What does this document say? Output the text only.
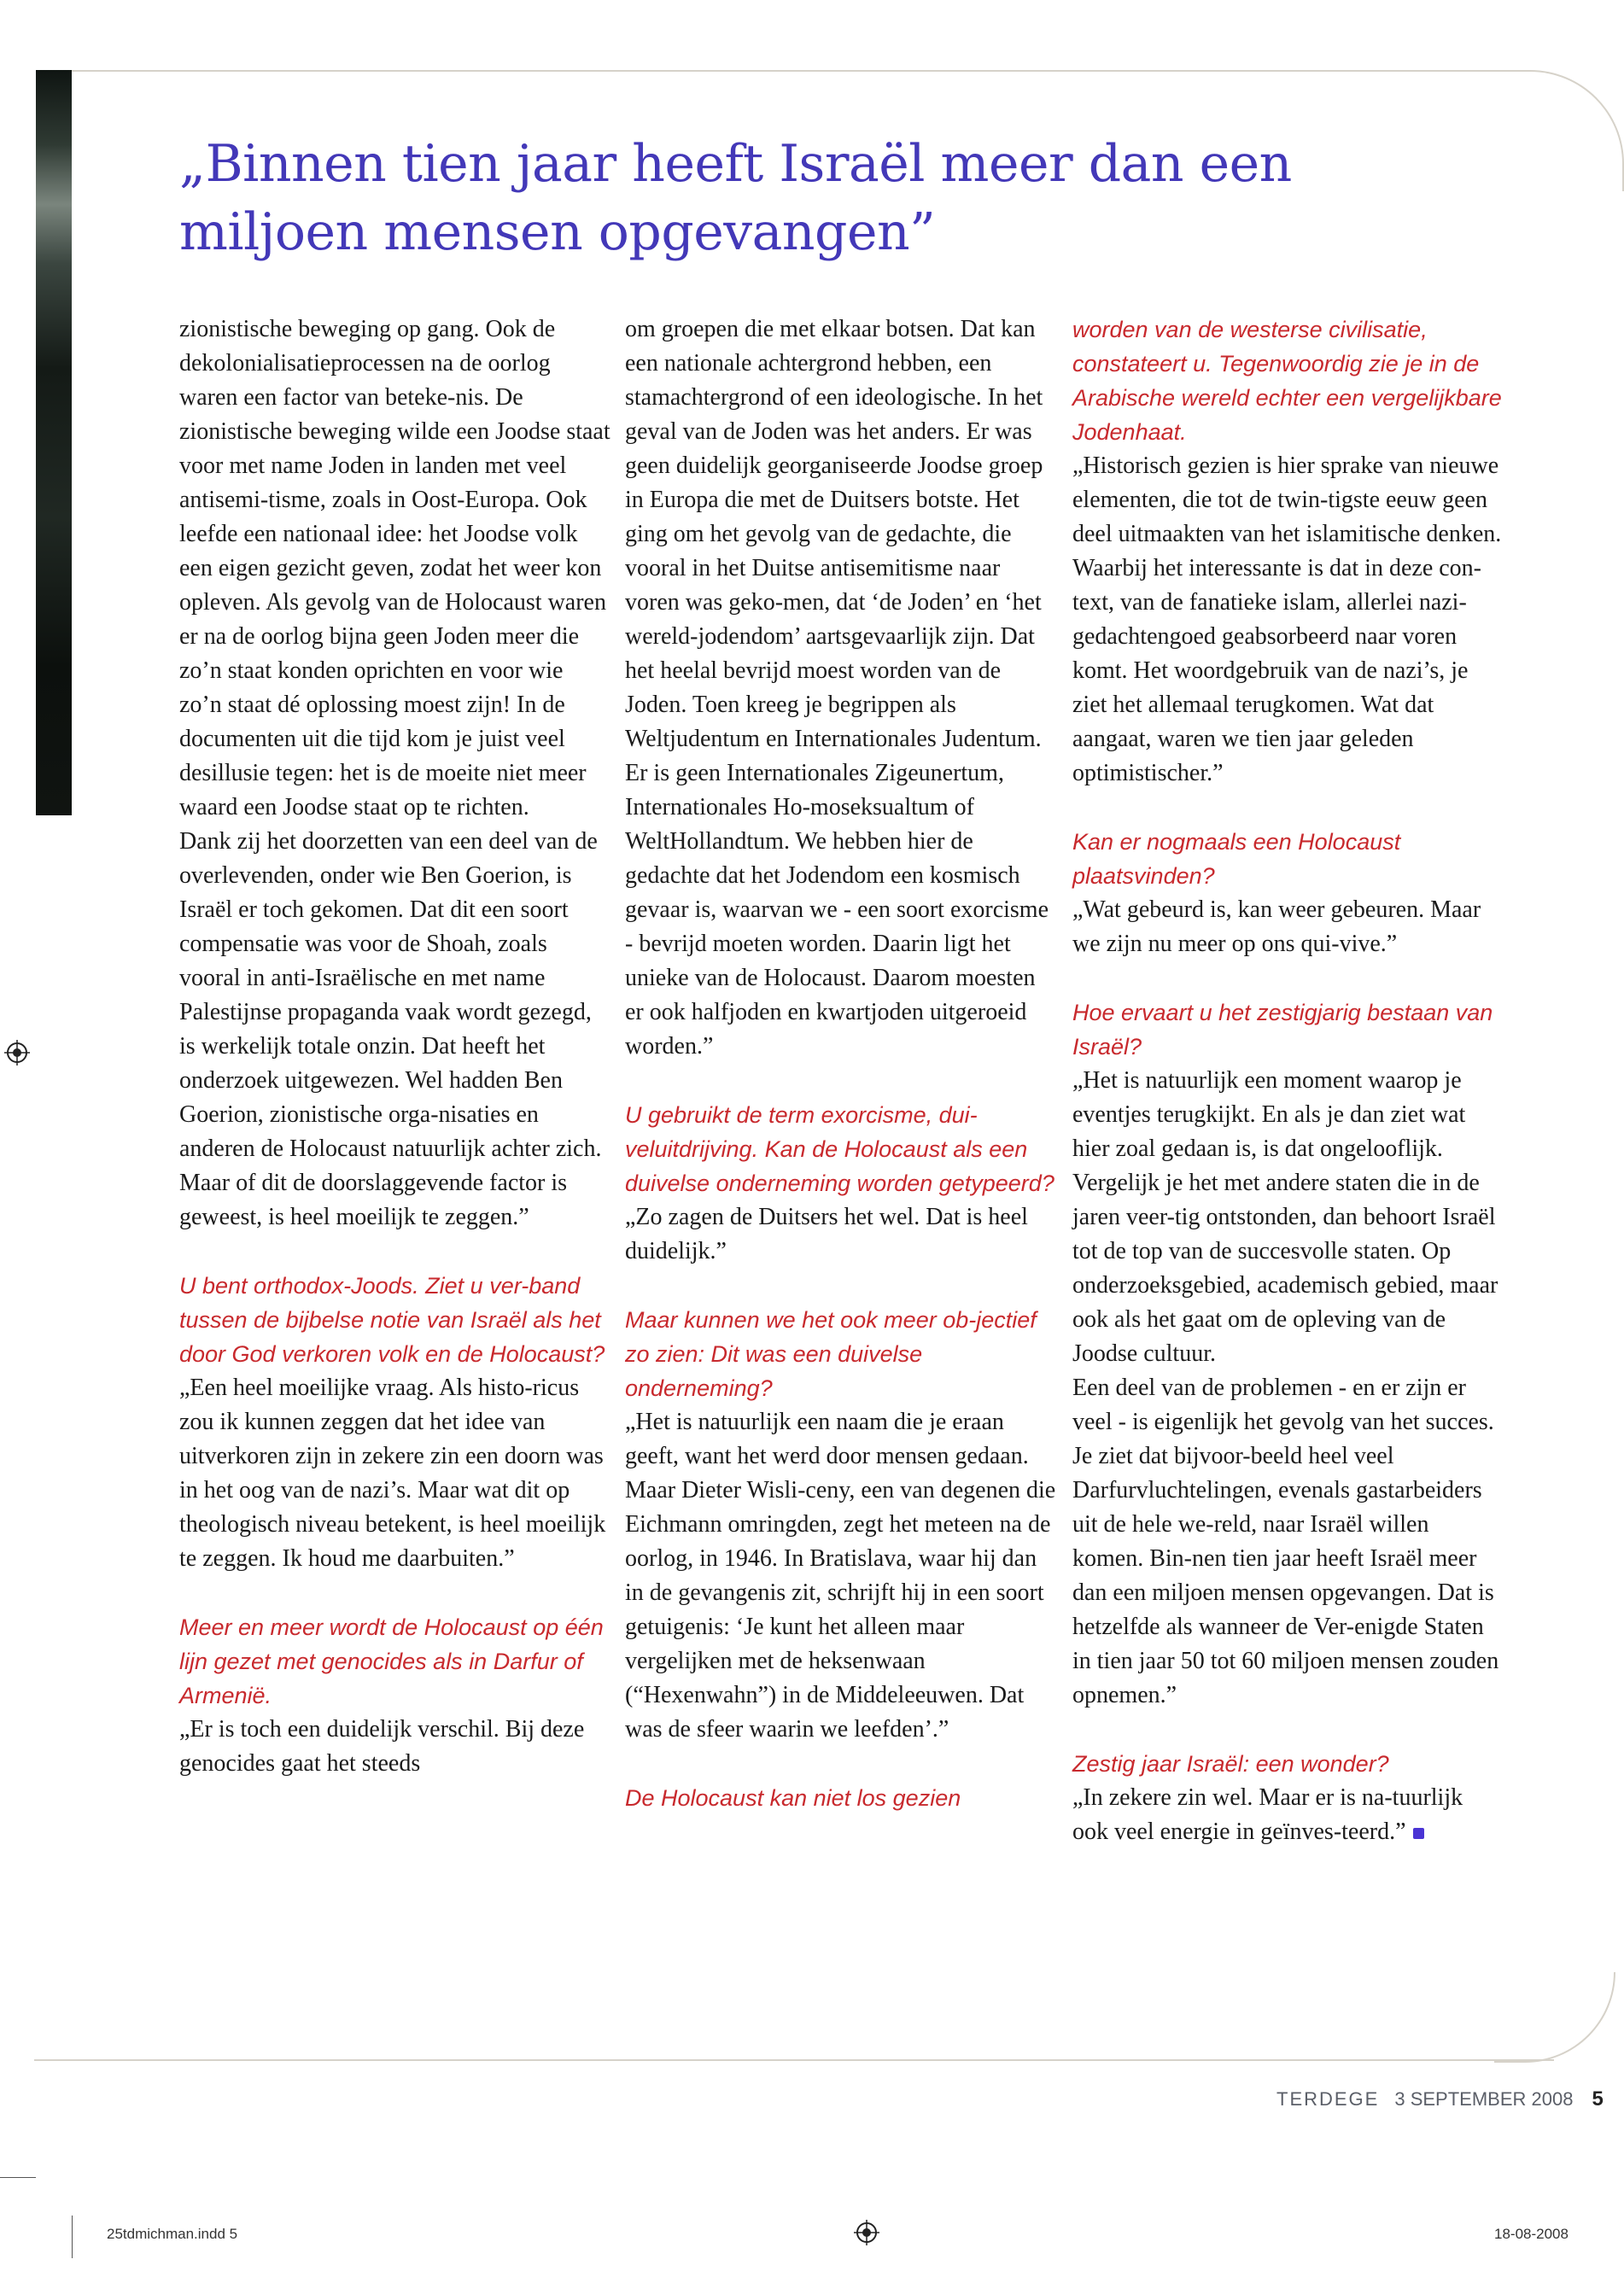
„Binnen tien jaar heeft Israël meer dan een miljoen mensen opgevangen”

zionistische beweging op gang. Ook de dekolonialisatieprocessen na de oorlog waren een factor van beteke-nis. De zionistische beweging wilde een Joodse staat voor met name Joden in landen met veel antisemi-tisme, zoals in Oost-Europa. Ook leefde een nationaal idee: het Joodse volk een eigen gezicht geven, zodat het weer kon opleven. Als gevolg van de Holocaust waren er na de oorlog bijna geen Joden meer die zo’n staat konden oprichten en voor wie zo’n staat dé oplossing moest zijn! In de documenten uit die tijd kom je juist veel desillusie tegen: het is de moeite niet meer waard een Joodse staat op te richten.

Dank zij het doorzetten van een deel van de overlevenden, onder wie Ben Goerion, is Israël er toch gekomen. Dat dit een soort compensatie was voor de Shoah, zoals vooral in anti-Israëlische en met name Palestijnse propaganda vaak wordt gezegd, is werkelijk totale onzin. Dat heeft het onderzoek uitgewezen. Wel hadden Ben Goerion, zionistische orga-nisaties en anderen de Holocaust natuurlijk achter zich. Maar of dit de doorslaggevende factor is geweest, is heel moeilijk te zeggen.”

U bent orthodox-Joods. Ziet u ver-band tussen de bijbelse notie van Israël als het door God verkoren volk en de Holocaust?

„Een heel moeilijke vraag. Als histo-ricus zou ik kunnen zeggen dat het idee van uitverkoren zijn in zekere zin een doorn was in het oog van de nazi’s. Maar wat dit op theologisch niveau betekent, is heel moeilijk te zeggen. Ik houd me daarbuiten.”

Meer en meer wordt de Holocaust op één lijn gezet met genocides als in Darfur of Armenië.

„Er is toch een duidelijk verschil. Bij deze genocides gaat het steeds

om groepen die met elkaar botsen. Dat kan een nationale achtergrond hebben, een stamachtergrond of een ideologische. In het geval van de Joden was het anders. Er was geen duidelijk georganiseerde Joodse groep in Europa die met de Duitsers botste. Het ging om het gevolg van de gedachte, die vooral in het Duitse antisemitisme naar voren was geko-men, dat ‘de Joden’ en ‘het wereld-jodendom’ aartsgevaarlijk zijn. Dat het heelal bevrijd moest worden van de Joden. Toen kreeg je begrippen als Weltjudentum en Internationales Judentum. Er is geen Internationales Zigeunertum, Internationales Ho-moseksualtum of WeltHollandtum. We hebben hier de gedachte dat het Jodendom een kosmisch gevaar is, waarvan we - een soort exorcisme - bevrijd moeten worden. Daarin ligt het unieke van de Holocaust. Daarom moesten er ook halfjoden en kwartjoden uitgeroeid worden.”

U gebruikt de term exorcisme, dui-veluitdrijving. Kan de Holocaust als een duivelse onderneming worden getypeerd?

„Zo zagen de Duitsers het wel. Dat is heel duidelijk.”

Maar kunnen we het ook meer ob-jectief zo zien: Dit was een duivelse onderneming?

„Het is natuurlijk een naam die je eraan geeft, want het werd door mensen gedaan. Maar Dieter Wisli-ceny, een van degenen die Eichmann omringden, zegt het meteen na de oorlog, in 1946. In Bratislava, waar hij dan in de gevangenis zit, schrijft hij in een soort getuigenis: ‘Je kunt het alleen maar vergelijken met de heksenwaan (“Hexenwahn”) in de Middeleeuwen. Dat was de sfeer waarin we leefden’.”

De Holocaust kan niet los gezien

worden van de westerse civilisatie, constateert u. Tegenwoordig zie je in de Arabische wereld echter een vergelijkbare Jodenhaat.

„Historisch gezien is hier sprake van nieuwe elementen, die tot de twin-tigste eeuw geen deel uitmaakten van het islamitische denken. Waarbij het interessante is dat in deze con-text, van de fanatieke islam, allerlei nazi-gedachtengoed geabsorbeerd naar voren komt. Het woordgebruik van de nazi’s, je ziet het allemaal terugkomen. Wat dat aangaat, waren we tien jaar geleden optimistischer.”

Kan er nogmaals een Holocaust plaatsvinden?

„Wat gebeurd is, kan weer gebeuren. Maar we zijn nu meer op ons qui-vive.”

Hoe ervaart u het zestigjarig bestaan van Israël?

„Het is natuurlijk een moment waarop je eventjes terugkijkt. En als je dan ziet wat hier zoal gedaan is, is dat ongelooflijk. Vergelijk je het met andere staten die in de jaren veer-tig ontstonden, dan behoort Israël tot de top van de succesvolle staten. Op onderzoeksgebied, academisch gebied, maar ook als het gaat om de opleving van de Joodse cultuur.

Een deel van de problemen - en er zijn er veel - is eigenlijk het gevolg van het succes. Je ziet dat bijvoor-beeld heel veel Darfurvluchtelingen, evenals gastarbeiders uit de hele we-reld, naar Israël willen komen. Bin-nen tien jaar heeft Israël meer dan een miljoen mensen opgevangen. Dat is hetzelfde als wanneer de Ver-enigde Staten in tien jaar 50 tot 60 miljoen mensen zouden opnemen.”

Zestig jaar Israël: een wonder?

„In zekere zin wel. Maar er is na-tuurlijk ook veel energie in geïnves-teerd.”

TERDEGE 3 SEPTEMBER 2008 5
25tdmichman.indd 5	18-08-2008
